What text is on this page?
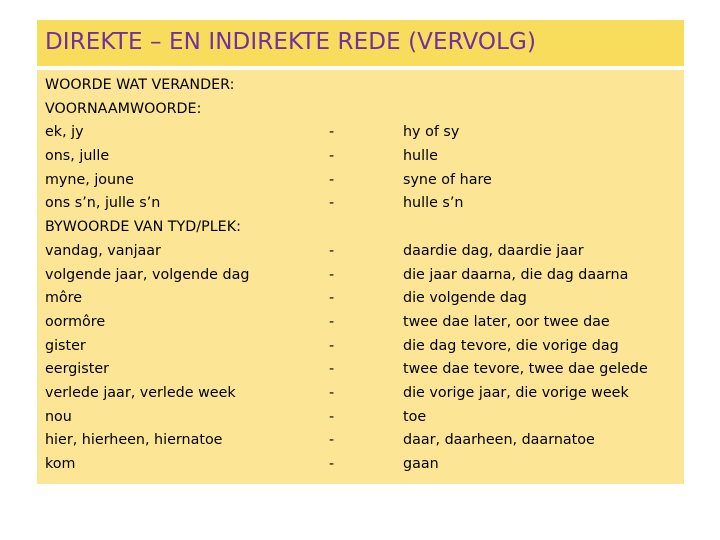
DIREKTE – EN INDIREKTE REDE (VERVOLG)
WOORDE WAT VERANDER:
VOORNAAMWOORDE:
ek, jy
ons, julle
myne, joune
ons s’n, julle s’n
BYWOORDE VAN TYD/PLEK:
vandag, vanjaar
volgende jaar, volgende dag
môre
oormôre
gister
eergister
verlede jaar, verlede week
nou
hier, hierheen, hiernatoe
kom
-
-
-
-
-
-
-
-
-
-
-
-
-
-
hy of sy
hulle
syne of hare
hulle s’n
daardie dag, daardie jaar
die jaar daarna, die dag daarna
die volgende dag
twee dae later, oor twee dae
die dag tevore, die vorige dag
twee dae tevore, twee dae gelede
die vorige jaar, die vorige week
toe
daar, daarheen, daarnatoe
gaan
